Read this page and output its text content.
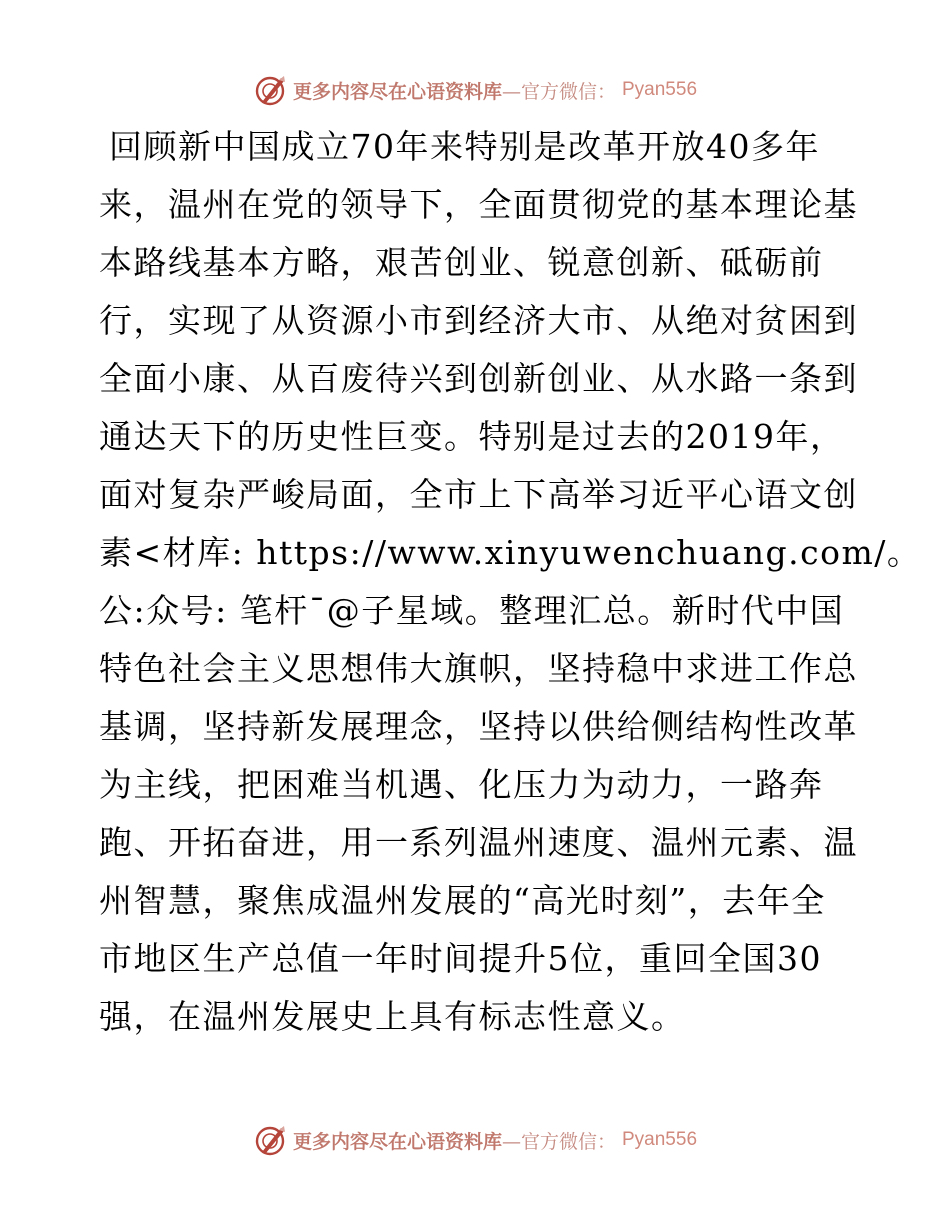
更多内容尽在心语资料库—官方微信： Pyan556
回顾新中国成立70年来特别是改革开放40多年
来，温州在党的领导下，全面贯彻党的基本理论基
本路线基本方略，艰苦创业、锐意创新、砥砺前
行，实现了从资源小市到经济大市、从绝对贫困到
全面小康、从百废待兴到创新创业、从水路一条到
通达天下的历史性巨变。特别是过去的2019年，
面对复杂严峻局面，全市上下高举习近平心语文创
素<材库: https://www.xinyuwenchuang.com/。
公:众号: 笔杆¯@子星域。整理汇总。新时代中国
特色社会主义思想伟大旗帜，坚持稳中求进工作总
基调，坚持新发展理念，坚持以供给侧结构性改革
为主线，把困难当机遇、化压力为动力，一路奔
跑、开拓奋进，用一系列温州速度、温州元素、温
州智慧，聚焦成温州发展的“高光时刻”，去年全
市地区生产总值一年时间提升5位，重回全国30
强，在温州发展史上具有标志性意义。
更多内容尽在心语资料库—官方微信： Pyan556
